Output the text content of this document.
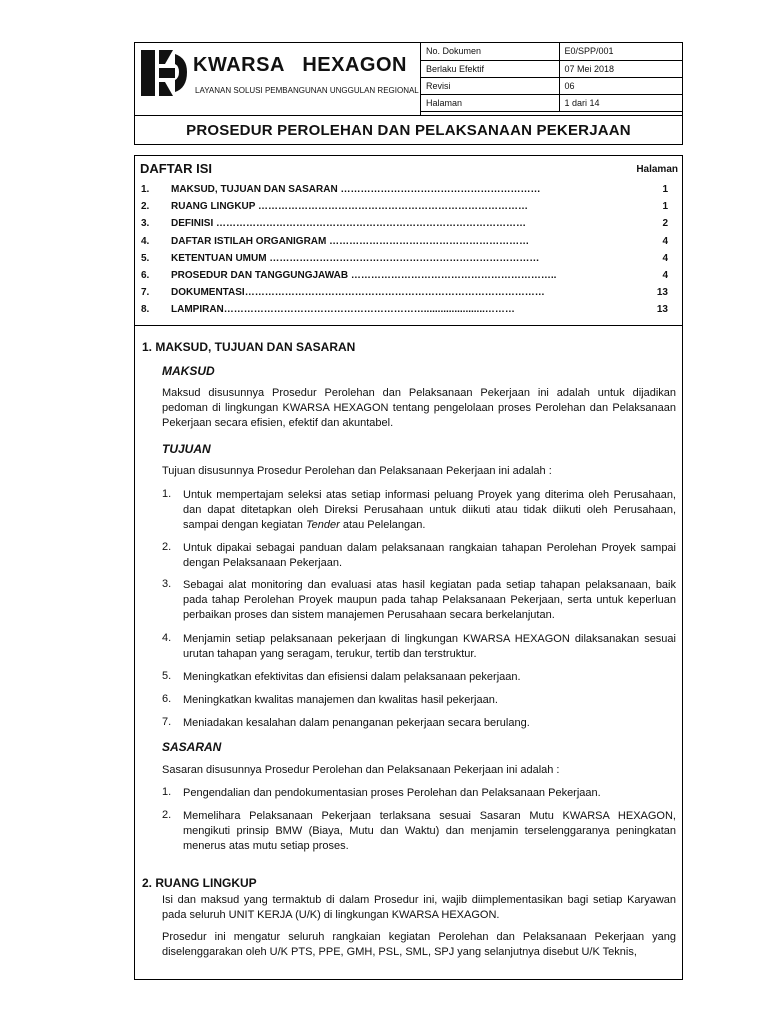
KWARSA   HEXAGON
LAYANAN SOLUSI PEMBANGUNAN UNGGULAN REGIONAL
No. Dokumen	E0/SPP/001
Berlaku Efektif	07 Mei 2018
Revisi	06
Halaman	1 dari 14
PROSEDUR PEROLEHAN DAN PELAKSANAAN PEKERJAAN
DAFTAR ISI	Halaman
1. MAKSUD, TUJUAN DAN SASARAN ……………………………………………………	1
2. RUANG LINGKUP ………………………………………………………………………	1
3. DEFINISI …………………………………………………………………………………	2
4. DAFTAR ISTILAH ORGANIGRAM ……………………………………………………	4
5. KETENTUAN UMUM ………………………………………………………………………	4
6. PROSEDUR DAN TANGGUNGJAWAB ……………………………………………………..	4
7. DOKUMENTASI………………………………………………………………………………	13
8. LAMPIRAN……………………………………………………......................………	13
1. MAKSUD, TUJUAN DAN SASARAN
MAKSUD
Maksud disusunnya Prosedur Perolehan dan Pelaksanaan Pekerjaan ini adalah untuk dijadikan pedoman di lingkungan KWARSA HEXAGON tentang pengelolaan proses Perolehan dan Pelaksanaan Pekerjaan secara efisien, efektif dan akuntabel.
TUJUAN
Tujuan disusunnya Prosedur Perolehan dan Pelaksanaan Pekerjaan ini adalah :
1. Untuk mempertajam seleksi atas setiap informasi peluang Proyek yang diterima oleh Perusahaan, dan dapat ditetapkan oleh Direksi Perusahaan untuk diikuti atau tidak diikuti oleh Perusahaan, sampai dengan kegiatan Tender atau Pelelangan.
2. Untuk dipakai sebagai panduan dalam pelaksanaan rangkaian tahapan Perolehan Proyek sampai dengan Pelaksanaan Pekerjaan.
3. Sebagai alat monitoring dan evaluasi atas hasil kegiatan pada setiap tahapan pelaksanaan, baik pada tahap Perolehan Proyek maupun pada tahap Pelaksanaan Pekerjaan, serta untuk keperluan perbaikan proses dan sistem manajemen Perusahaan secara berkelanjutan.
4. Menjamin setiap pelaksanaan pekerjaan di lingkungan KWARSA HEXAGON dilaksanakan sesuai urutan tahapan yang seragam, terukur, tertib dan terstruktur.
5. Meningkatkan efektivitas dan efisiensi dalam pelaksanaan pekerjaan.
6. Meningkatkan kwalitas manajemen dan kwalitas hasil pekerjaan.
7. Meniadakan kesalahan dalam penanganan pekerjaan secara berulang.
SASARAN
Sasaran disusunnya Prosedur Perolehan dan Pelaksanaan Pekerjaan ini adalah :
1. Pengendalian dan pendokumentasian proses Perolehan dan Pelaksanaan Pekerjaan.
2. Memelihara Pelaksanaan Pekerjaan terlaksana sesuai Sasaran Mutu KWARSA HEXAGON, mengikuti prinsip BMW (Biaya, Mutu dan Waktu) dan menjamin terselenggaranya peningkatan menerus atas mutu setiap proses.
2. RUANG LINGKUP
Isi dan maksud yang termaktub di dalam Prosedur ini, wajib diimplementasikan bagi setiap Karyawan pada seluruh UNIT KERJA (U/K) di lingkungan KWARSA HEXAGON.
Prosedur ini mengatur seluruh rangkaian kegiatan Perolehan dan Pelaksanaan Pekerjaan yang diselenggarakan oleh U/K PTS, PPE, GMH, PSL, SML, SPJ yang selanjutnya disebut U/K Teknis,
